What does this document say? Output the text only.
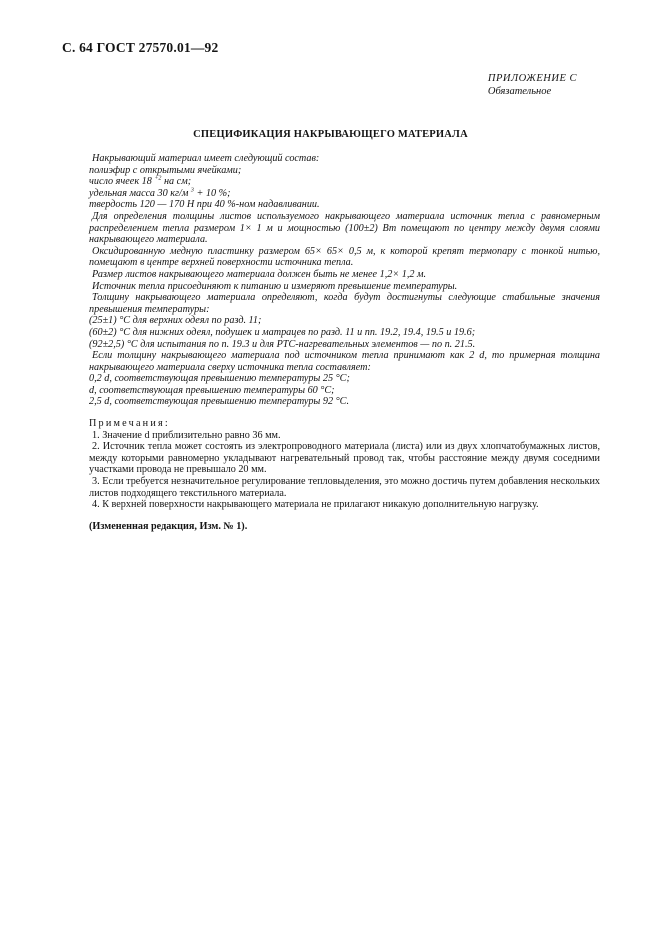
С. 64 ГОСТ 27570.01—92
ПРИЛОЖЕНИЕ С
Обязательное
СПЕЦИФИКАЦИЯ НАКРЫВАЮЩЕГО МАТЕРИАЛА

Накрывающий материал имеет следующий состав:

полиэфир с открытыми ячейками;

число ячеек 18 $^{+2}$ на см;

удельная масса 30 кг/м $^3$ + 10 %;

твердость 120 — 170 Н при 40 %-ном надавливании.

Для определения толщины листов используемого накрывающего материала источник тепла с равномерным распределением тепла размером 1× 1 м и мощностью (100±2) Вт помещают по центру между двумя слоями накрывающего материала.

Оксидированную медную пластинку размером 65× 65× 0,5 м, к которой крепят термопару с тонкой нитью, помещают в центре верхней поверхности источника тепла.

Размер листов накрывающего материала должен быть не менее 1,2× 1,2 м.

Источник тепла присоединяют к питанию и измеряют превышение температуры.

Толщину накрывающего материала определяют, когда будут достигнуты следующие стабильные значения превышения температуры:

(25±1) °С для верхних одеял по разд. 11;

(60±2) °С для нижних одеял, подушек и матрацев по разд. 11 и пп. 19.2, 19.4, 19.5 и 19.6;

(92±2,5) °С для испытания по п. 19.3 и для РТС-нагревательных элементов — по п. 21.5.

Если толщину накрывающего материала под источником тепла принимают как 2 d, то примерная толщина накрывающего материала сверху источника тепла составляет:

0,2 d, соответствующая превышению температуры 25 °С;

d, соответствующая превышению температуры 60 °С;

2,5 d, соответствующая превышению температуры 92 °С.

Примечания:

1. Значение d приблизительно равно 36 мм.

2. Источник тепла может состоять из электропроводного материала (листа) или из двух хлопчатобумажных листов, между которыми равномерно укладывают нагревательный провод так, чтобы расстояние между двумя соседними участками провода не превышало 20 мм.

3. Если требуется незначительное регулирование тепловыделения, это можно достичь путем добавления нескольких листов подходящего текстильного материала.

4. К верхней поверхности накрывающего материала не прилагают никакую дополнительную нагрузку.

(Измененная редакция, Изм. № 1).
